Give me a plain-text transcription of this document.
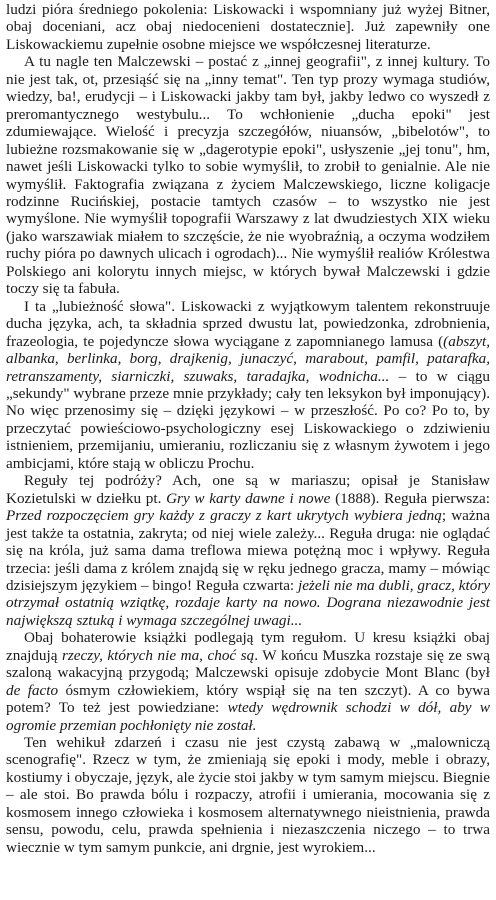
ludzi pióra średniego pokolenia: Liskowacki i wspomniany już wyżej Bitner, obaj doceniani, acz obaj niedocenieni dostatecznie]. Już zapewniły one Liskowackiemu zupełnie osobne miejsce we współczesnej literaturze.

A tu nagle ten Malczewski – postać z „innej geografii", z innej kultury. To nie jest tak, ot, przesiąść się na „inny temat". Ten typ prozy wymaga studiów, wiedzy, ba!, erudycji – i Liskowacki jakby tam był, jakby ledwo co wyszedł z preromantycznego westybulu... To wchłonienie „ducha epoki" jest zdumiewające. Wielość i precyzja szczegółów, niuansów, „bibelotów", to lubieżne rozsmakowanie się w „dagerotypie epoki", usłyszenie „jej tonu", hm, nawet jeśli Liskowacki tylko to sobie wymyślił, to zrobił to genialnie. Ale nie wymyślił. Faktografia związana z życiem Malczewskiego, liczne koligacje rodzinne Rucińskiej, postacie tamtych czasów – to wszystko nie jest wymyślone. Nie wymyślił topografii Warszawy z lat dwudziestych XIX wieku (jako warszawiak miałem to szczęście, że nie wyobraźnią, a oczyma wodziłem ruchy pióra po dawnych ulicach i ogrodach)... Nie wymyślił realiów Królestwa Polskiego ani kolorytu innych miejsc, w których bywał Malczewski i gdzie toczy się ta fabuła.

I ta „lubieżność słowa". Liskowacki z wyjątkowym talentem rekonstruuje ducha języka, ach, ta składnia sprzed dwustu lat, powiedzonka, zdrobnienia, frazeologia, te pojedyncze słowa wyciągane z zapomnianego lamusa ((abszyt, albanka, berlinka, borg, drajkenig, junaczyć, marabout, pamfil, patarafka, retranszamenty, siarniczki, szuwaks, taradajka, wodnicha... – to w ciągu „sekundy" wybrane przeze mnie przykłady; cały ten leksykon był imponujący). No więc przenosimy się – dzięki językowi – w przeszłość. Po co? Po to, by przeczytać powieściowo-psychologiczny esej Liskowackiego o zdziwieniu istnieniem, przemijaniu, umieraniu, rozliczaniu się z własnym żywotem i jego ambicjami, które stają w obliczu Prochu.

Reguły tej podróży? Ach, one są w mariaszu; opisał je Stanisław Kozietulski w dziełku pt. Gry w karty dawne i nowe (1888). Reguła pierwsza: Przed rozpoczęciem gry każdy z graczy z kart ukrytych wybiera jedną; ważna jest także ta ostatnia, zakryta; od niej wiele zależy... Reguła druga: nie oglądać się na króla, już sama dama treflowa miewa potężną moc i wpływy. Reguła trzecia: jeśli dama z królem znajdą się w ręku jednego gracza, mamy – mówiąc dzisiejszym językiem – bingo! Reguła czwarta: jeżeli nie ma dubli, gracz, który otrzymał ostatnią wziątkę, rozdaje karty na nowo. Dograna niezawodnie jest największą sztuką i wymaga szczególnej uwagi...

Obaj bohaterowie książki podlegają tym regułom. U kresu książki obaj znajdują rzeczy, których nie ma, choć są. W końcu Muszka rozstaje się ze swą szaloną wakacyjną przygodą; Malczewski opisuje zdobycie Mont Blanc (był de facto ósmym człowiekiem, który wspiął się na ten szczyt). A co bywa potem? To też jest powiedziane: wtedy wędrownik schodzi w dół, aby w ogromie przemian pochłonięty nie został.

Ten wehikuł zdarzeń i czasu nie jest czystą zabawą w „malowniczą scenografię". Rzecz w tym, że zmieniają się epoki i mody, meble i obrazy, kostiumy i obyczaje, język, ale życie stoi jakby w tym samym miejscu. Biegnie – ale stoi. Bo prawda bólu i rozpaczy, atrofii i umierania, mocowania się z kosmosem innego człowieka i kosmosem alternatywnego nieistnienia, prawda sensu, powodu, celu, prawda spełnienia i niezaszczenia niczego – to trwa wiecznie w tym samym punkcie, ani drgnie, jest wyrokiem...
